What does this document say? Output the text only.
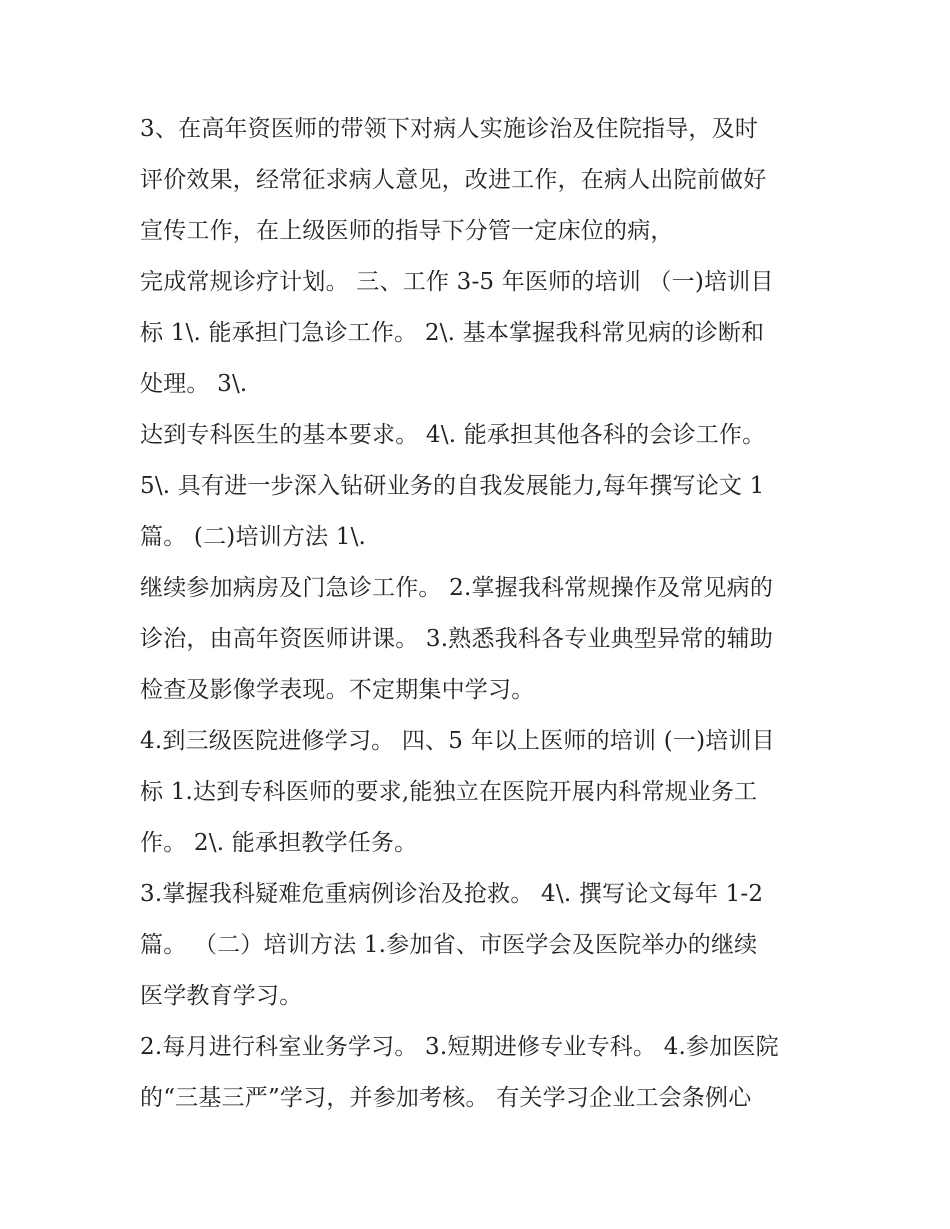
3、在高年资医师的带领下对病人实施诊治及住院指导，及时
评价效果，经常征求病人意见，改进工作，在病人出院前做好
宣传工作，在上级医师的指导下分管一定床位的病，
完成常规诊疗计划。 三、工作 3-5 年医师的培训 （一)培训目
标 1\. 能承担门急诊工作。 2\. 基本掌握我科常见病的诊断和
处理。 3\.
达到专科医生的基本要求。 4\. 能承担其他各科的会诊工作。
5\. 具有进一步深入钻研业务的自我发展能力,每年撰写论文 1
篇。 (二)培训方法 1\.
继续参加病房及门急诊工作。 2.掌握我科常规操作及常见病的
诊治，由高年资医师讲课。 3.熟悉我科各专业典型异常的辅助
检查及影像学表现。不定期集中学习。
4.到三级医院进修学习。 四、5 年以上医师的培训 (一)培训目
标 1.达到专科医师的要求,能独立在医院开展内科常规业务工
作。 2\. 能承担教学任务。
3.掌握我科疑难危重病例诊治及抢救。 4\. 撰写论文每年 1-2
篇。 （二）培训方法 1.参加省、市医学会及医院举办的继续
医学教育学习。
2.每月进行科室业务学习。 3.短期进修专业专科。 4.参加医院
的“三基三严”学习，并参加考核。 有关学习企业工会条例心
